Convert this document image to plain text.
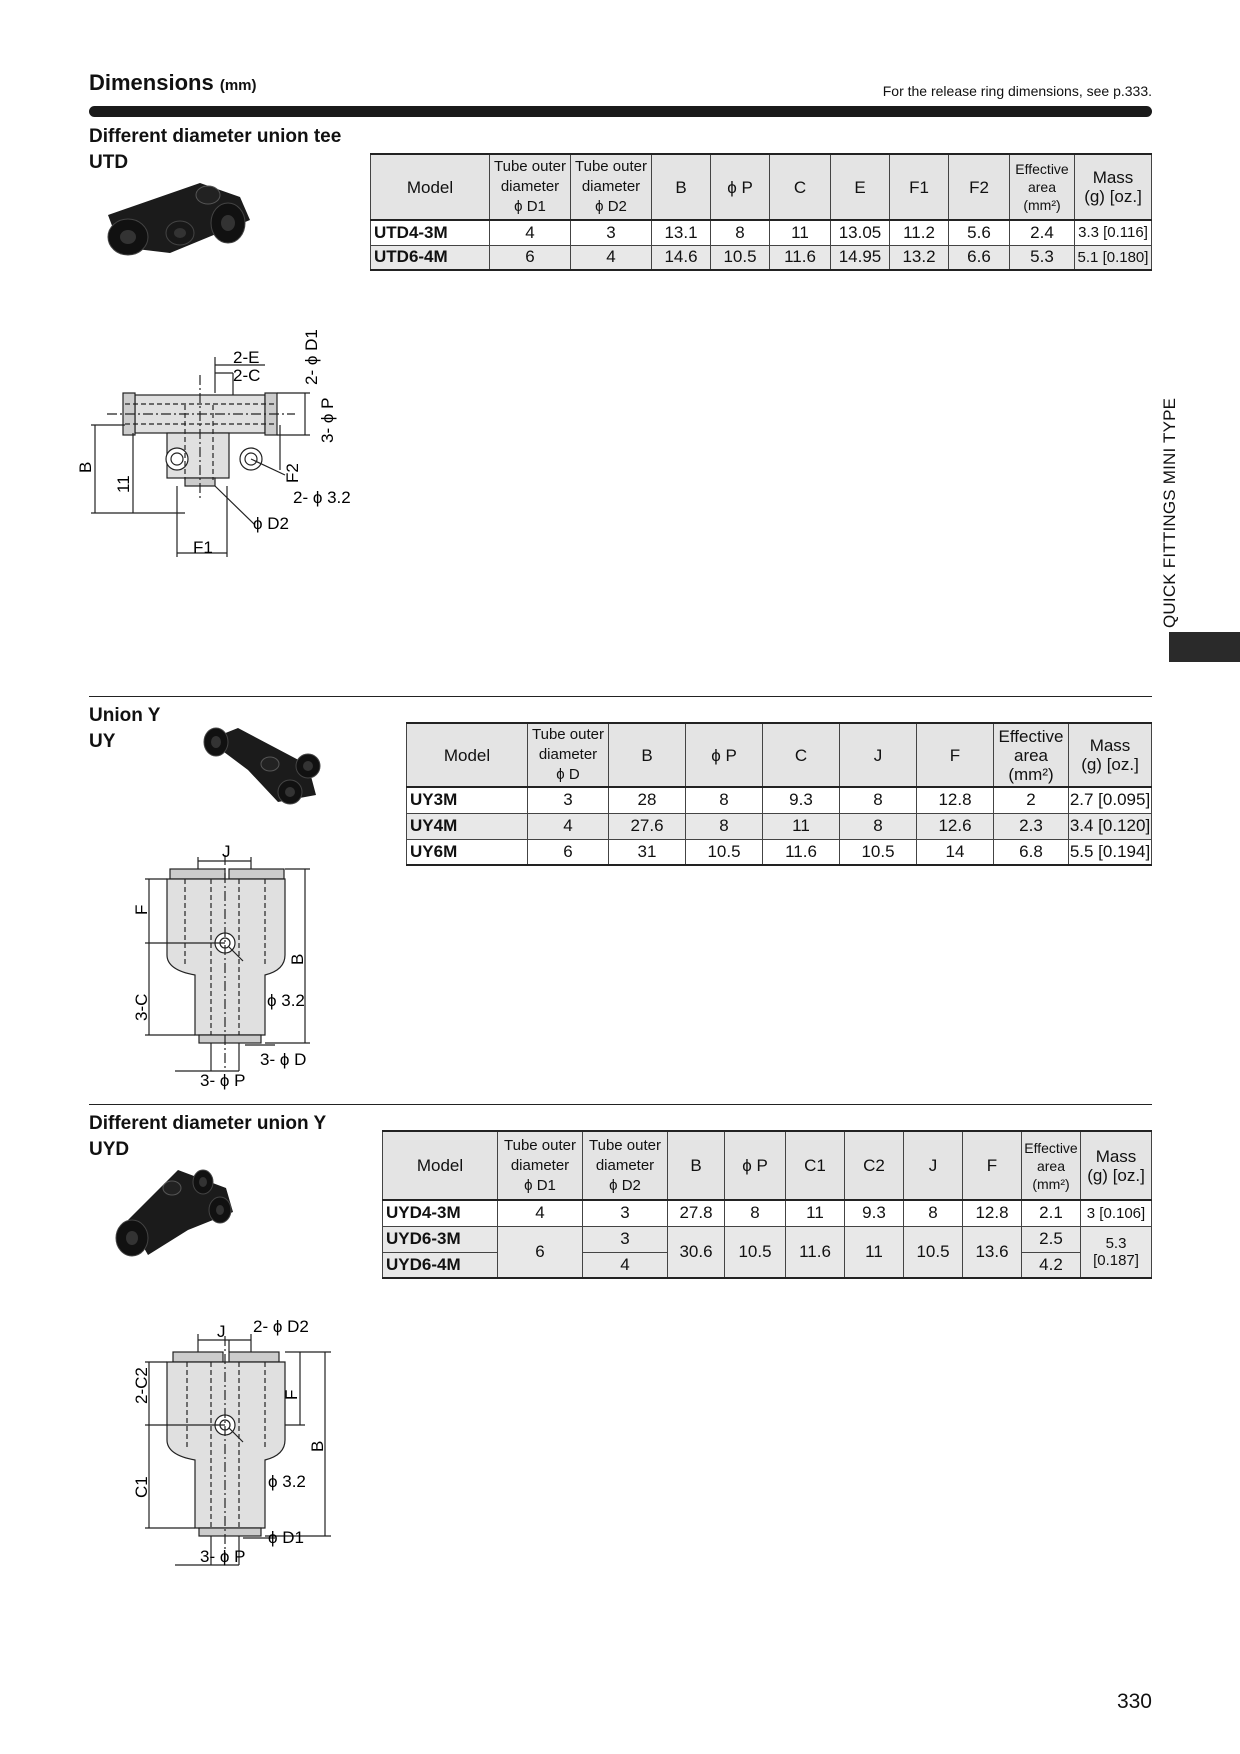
Dimensions (mm)	For the release ring dimensions, see p.333.
QUICK FITTINGS MINI TYPE
Different diameter union tee
UTD
Model	Tube outer
diameter
ϕ D1	Tube outer
diameter
ϕ D2	B	ϕ P	C	E	F1	F2	Effective
area
(mm²)	Mass
(g) [oz.]
UTD4-3M	4	3	13.1	8	11	13.05	11.2	5.6	2.4	3.3 [0.116]
UTD6-4M	6	4	14.6	10.5	11.6	14.95	13.2	6.6	5.3	5.1 [0.180]
2-E
2-C 2- ϕ D1
3- ϕ P
B
11
F2
2- ϕ 3.2
ϕ D2
F1
Union Y
UY
Model	Tube outer
diameter
ϕ D	B	ϕ P	C	J	F	Effective
area
(mm²)	Mass
(g) [oz.]
UY3M	3	28	8	9.3	8	12.8	2	2.7 [0.095]
UY4M	4	27.6	8	11	8	12.6	2.3	3.4 [0.120]
UY6M	6	31	10.5	11.6	10.5	14	6.8	5.5 [0.194]
J
F
B
3-C	ϕ 3.2
3- ϕ D
3- ϕ P
Different diameter union Y
UYD
Model	Tube outer
diameter
ϕ D1	Tube outer
diameter
ϕ D2	B	ϕ P	C1	C2	J	F	Effective
area
(mm²)	Mass
(g) [oz.]
UYD4-3M	4	3	27.8	8	11	9.3	8	12.8	2.1	3 [0.106]
UYD6-3M	6	3	30.6	10.5	11.6	11	10.5	13.6	2.5	5.3 [0.187]
UYD6-4M		4							4.2	
J 2- ϕ D2
2-C2	F
B
C1	ϕ 3.2
ϕ D1
3- ϕ P
330
